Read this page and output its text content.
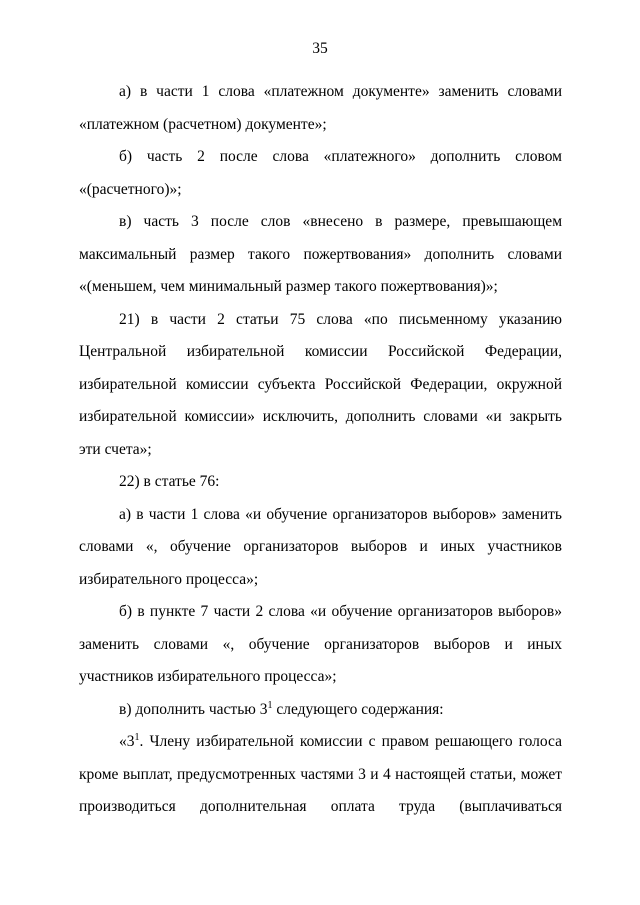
35

а) в части 1 слова «платежном документе» заменить словами «платежном (расчетном) документе»;

б) часть 2 после слова «платежного» дополнить словом «(расчетного)»;

в) часть 3 после слов «внесено в размере, превышающем максимальный размер такого пожертвования» дополнить словами «(меньшем, чем минимальный размер такого пожертвования)»;

21) в части 2 статьи 75 слова «по письменному указанию Центральной избирательной комиссии Российской Федерации, избирательной комиссии субъекта Российской Федерации, окружной избирательной комиссии» исключить, дополнить словами «и закрыть эти счета»;

22) в статье 76:

а) в части 1 слова «и обучение организаторов выборов» заменить словами «, обучение организаторов выборов и иных участников избирательного процесса»;

б) в пункте 7 части 2 слова «и обучение организаторов выборов» заменить словами «, обучение организаторов выборов и иных участников избирательного процесса»;

в) дополнить частью $3^1$ следующего содержания:

«$3^1$. Члену избирательной комиссии с правом решающего голоса кроме выплат, предусмотренных частями 3 и 4 настоящей статьи, может производиться дополнительная оплата труда (выплачиваться
